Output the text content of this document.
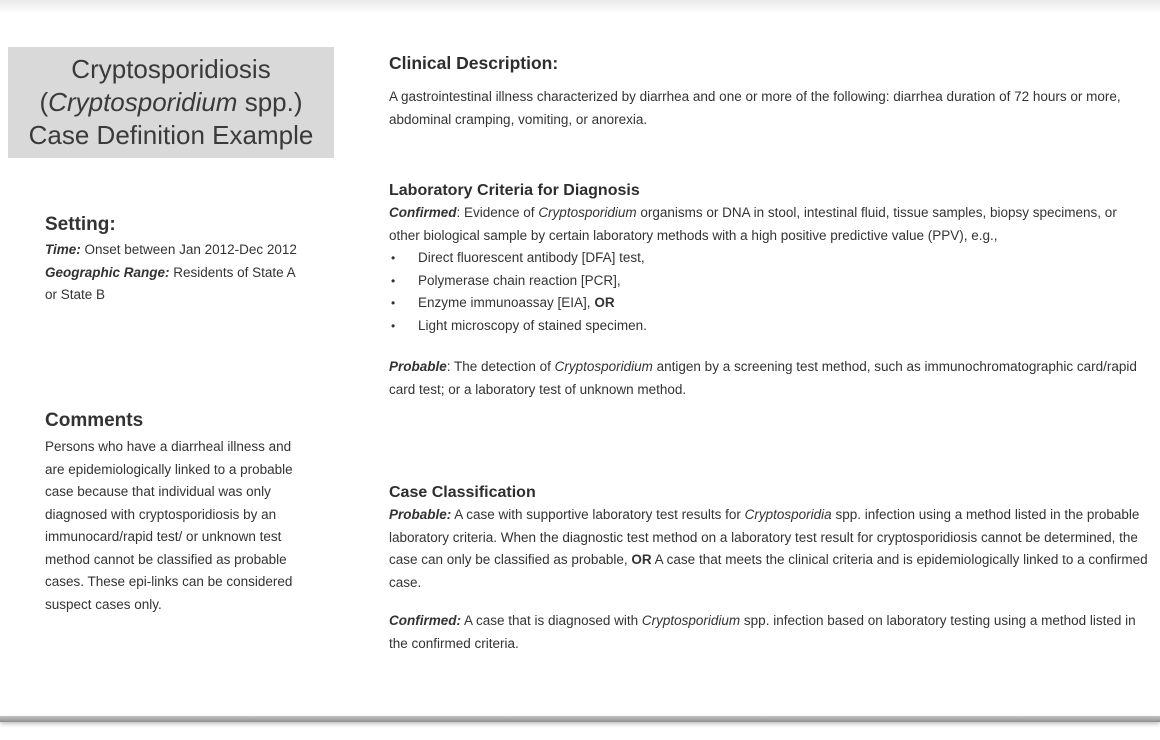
Cryptosporidiosis
(Cryptosporidium spp.)
Case Definition Example
Setting:
Time: Onset between Jan 2012-Dec 2012
Geographic Range: Residents of State A or State B
Comments
Persons who have a diarrheal illness and are epidemiologically linked to a probable case because that individual was only diagnosed with cryptosporidiosis by an immunocard/rapid test/ or unknown test method cannot be classified as probable cases. These epi-links can be considered suspect cases only.
Clinical Description:
A gastrointestinal illness characterized by diarrhea and one or more of the following: diarrhea duration of 72 hours or more, abdominal cramping, vomiting, or anorexia.
Laboratory Criteria for Diagnosis
Confirmed: Evidence of Cryptosporidium organisms or DNA in stool, intestinal fluid, tissue samples, biopsy specimens, or other biological sample by certain laboratory methods with a high positive predictive value (PPV), e.g.,
• Direct fluorescent antibody [DFA] test,
• Polymerase chain reaction [PCR],
• Enzyme immunoassay [EIA], OR
• Light microscopy of stained specimen.
Probable: The detection of Cryptosporidium antigen by a screening test method, such as immunochromatographic card/rapid card test; or a laboratory test of unknown method.
Case Classification
Probable: A case with supportive laboratory test results for Cryptosporidia spp. infection using a method listed in the probable laboratory criteria. When the diagnostic test method on a laboratory test result for cryptosporidiosis cannot be determined, the case can only be classified as probable, OR A case that meets the clinical criteria and is epidemiologically linked to a confirmed case.
Confirmed: A case that is diagnosed with Cryptosporidium spp. infection based on laboratory testing using a method listed in the confirmed criteria.
